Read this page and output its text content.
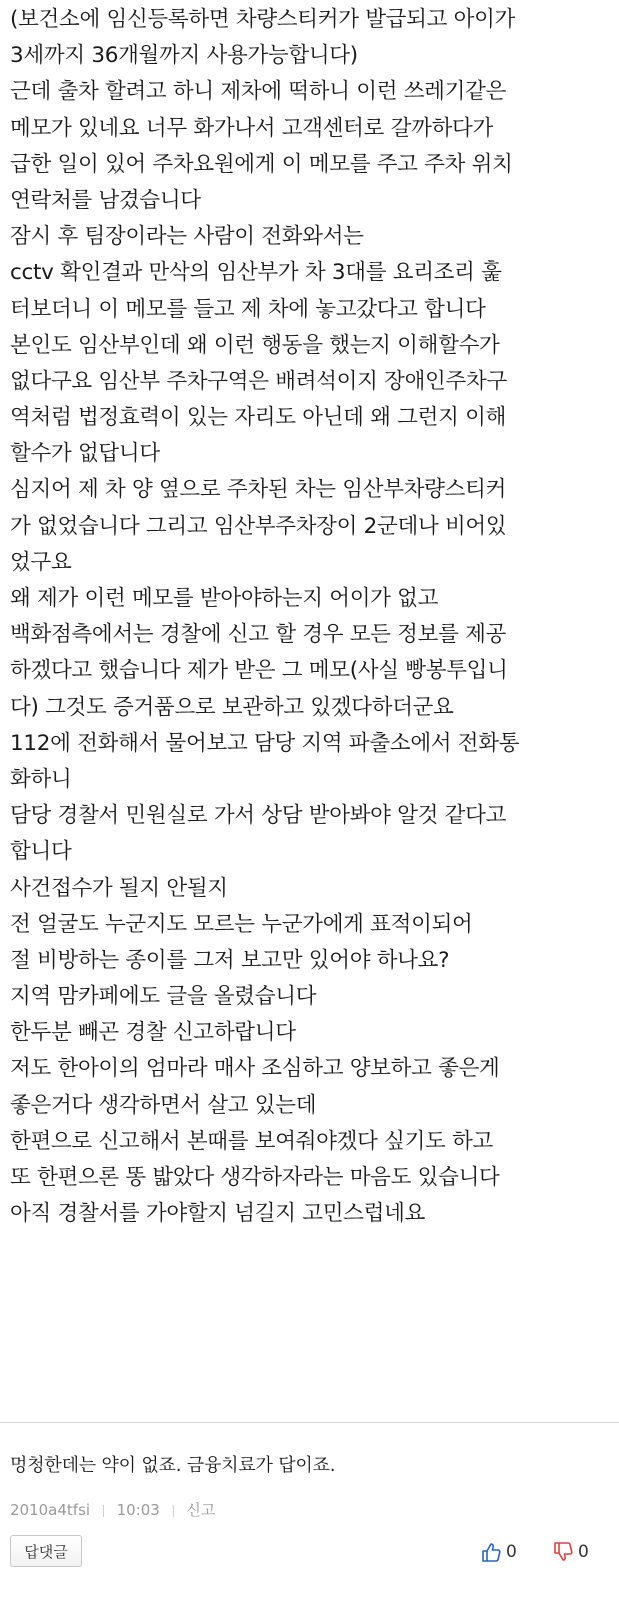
(보건소에 임신등록하면 차량스티커가 발급되고 아이가
3세까지 36개월까지 사용가능합니다)
근데 출차 할려고 하니 제차에 떡하니 이런 쓰레기같은
메모가 있네요 너무 화가나서 고객센터로 갈까하다가
급한 일이 있어 주차요원에게 이 메모를 주고 주차 위치
연락처를 남겼습니다
잠시 후 팀장이라는 사람이 전화와서는
cctv 확인결과 만삭의 임산부가 차 3대를 요리조리 훑
터보더니 이 메모를 들고 제 차에 놓고갔다고 합니다
본인도 임산부인데 왜 이런 행동을 했는지 이해할수가
없다구요 임산부 주차구역은 배려석이지 장애인주차구
역처럼 법정효력이 있는 자리도 아닌데 왜 그런지 이해
할수가 없답니다
심지어 제 차 양 옆으로 주차된 차는 임산부차량스티커
가 없었습니다 그리고 임산부주차장이 2군데나 비어있
었구요
왜 제가 이런 메모를 받아야하는지 어이가 없고
백화점측에서는 경찰에 신고 할 경우 모든 정보를 제공
하겠다고 했습니다 제가 받은 그 메모(사실 빵봉투입니
다) 그것도 증거품으로 보관하고 있겠다하더군요
112에 전화해서 물어보고 담당 지역 파출소에서 전화통
화하니
담당 경찰서 민원실로 가서 상담 받아봐야 알것 같다고
합니다
사건접수가 될지 안될지
전 얼굴도 누군지도 모르는 누군가에게 표적이되어
절 비방하는 종이를 그저 보고만 있어야 하나요?
지역 맘카페에도 글을 올렸습니다
한두분 빼곤 경찰 신고하랍니다
저도 한아이의 엄마라 매사 조심하고 양보하고 좋은게
좋은거다 생각하면서 살고 있는데
한편으로 신고해서 본때를 보여줘야겠다 싶기도 하고
또 한편으론 똥 밟았다 생각하자라는 마음도 있습니다
아직 경찰서를 가야할지 넘길지 고민스럽네요
멍청한데는 약이 없죠. 금융치료가 답이죠.
2010a4tfsi 10:03 신고
답댓글	0	0
